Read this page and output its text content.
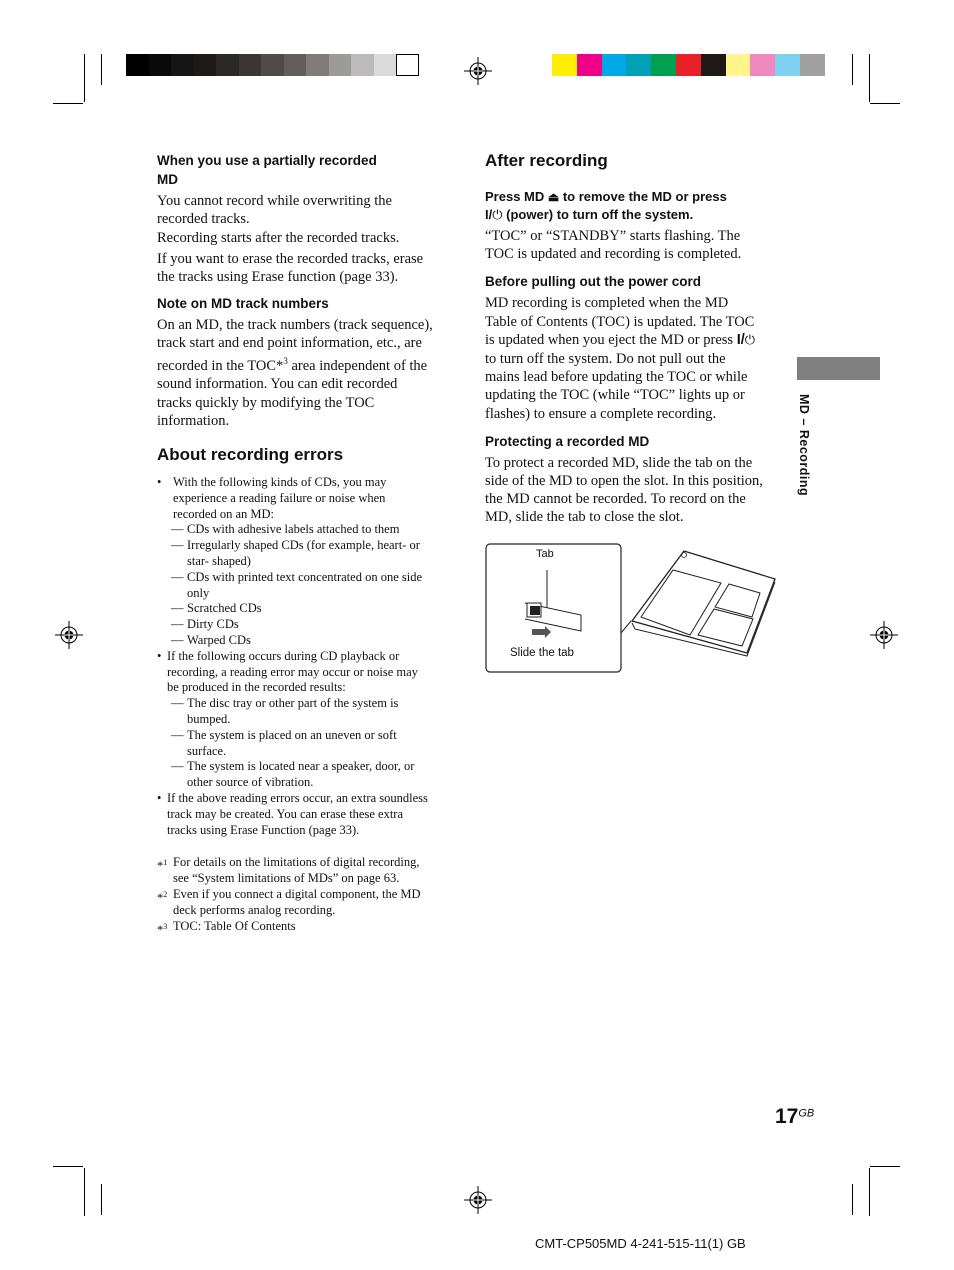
When you use a partially recorded
MD
You cannot record while overwriting the
recorded tracks.
Recording starts after the recorded tracks.
If you want to erase the recorded tracks, erase
the tracks using Erase function (page 33).
Note on MD track numbers
On an MD, the track numbers (track sequence),
track start and end point information, etc., are
recorded in the TOC*$^3$ area independent of the
sound information. You can edit recorded
tracks quickly by modifying the TOC
information.
About recording errors
• With the following kinds of CDs, you may
experience a reading failure or noise when
recorded on an MD:
— CDs with adhesive labels attached to them
— Irregularly shaped CDs (for example, heart- or
star- shaped)
— CDs with printed text concentrated on one side
only
— Scratched CDs
— Dirty CDs
— Warped CDs
• If the following occurs during CD playback or
recording, a reading error may occur or noise may
be produced in the recorded results:
— The disc tray or other part of the system is
bumped.
— The system is placed on an uneven or soft
surface.
— The system is located near a speaker, door, or
other source of vibration.
• If the above reading errors occur, an extra soundless
track may be created. You can erase these extra
tracks using Erase Function (page 33).
*$^1$ For details on the limitations of digital recording,
see “System limitations of MDs” on page 63.
*$^2$ Even if you connect a digital component, the MD
deck performs analog recording.
*$^3$ TOC: Table Of Contents
After recording
Press MD ⏏ to remove the MD or press
I/⏻ (power) to turn off the system.
“TOC” or “STANDBY” starts flashing. The
TOC is updated and recording is completed.
Before pulling out the power cord
MD recording is completed when the MD
Table of Contents (TOC) is updated. The TOC
is updated when you eject the MD or press I/⏻
to turn off the system. Do not pull out the
mains lead before updating the TOC or while
updating the TOC (while “TOC” lights up or
flashes) to ensure a complete recording.
Protecting a recorded MD
To protect a recorded MD, slide the tab on the
side of the MD to open the slot. In this position,
the MD cannot be recorded. To record on the
MD, slide the tab to close the slot.
Tab
Slide the tab
MD – Recording
$17^{GB}$
CMT-CP505MD 4-241-515-11(1) GB
